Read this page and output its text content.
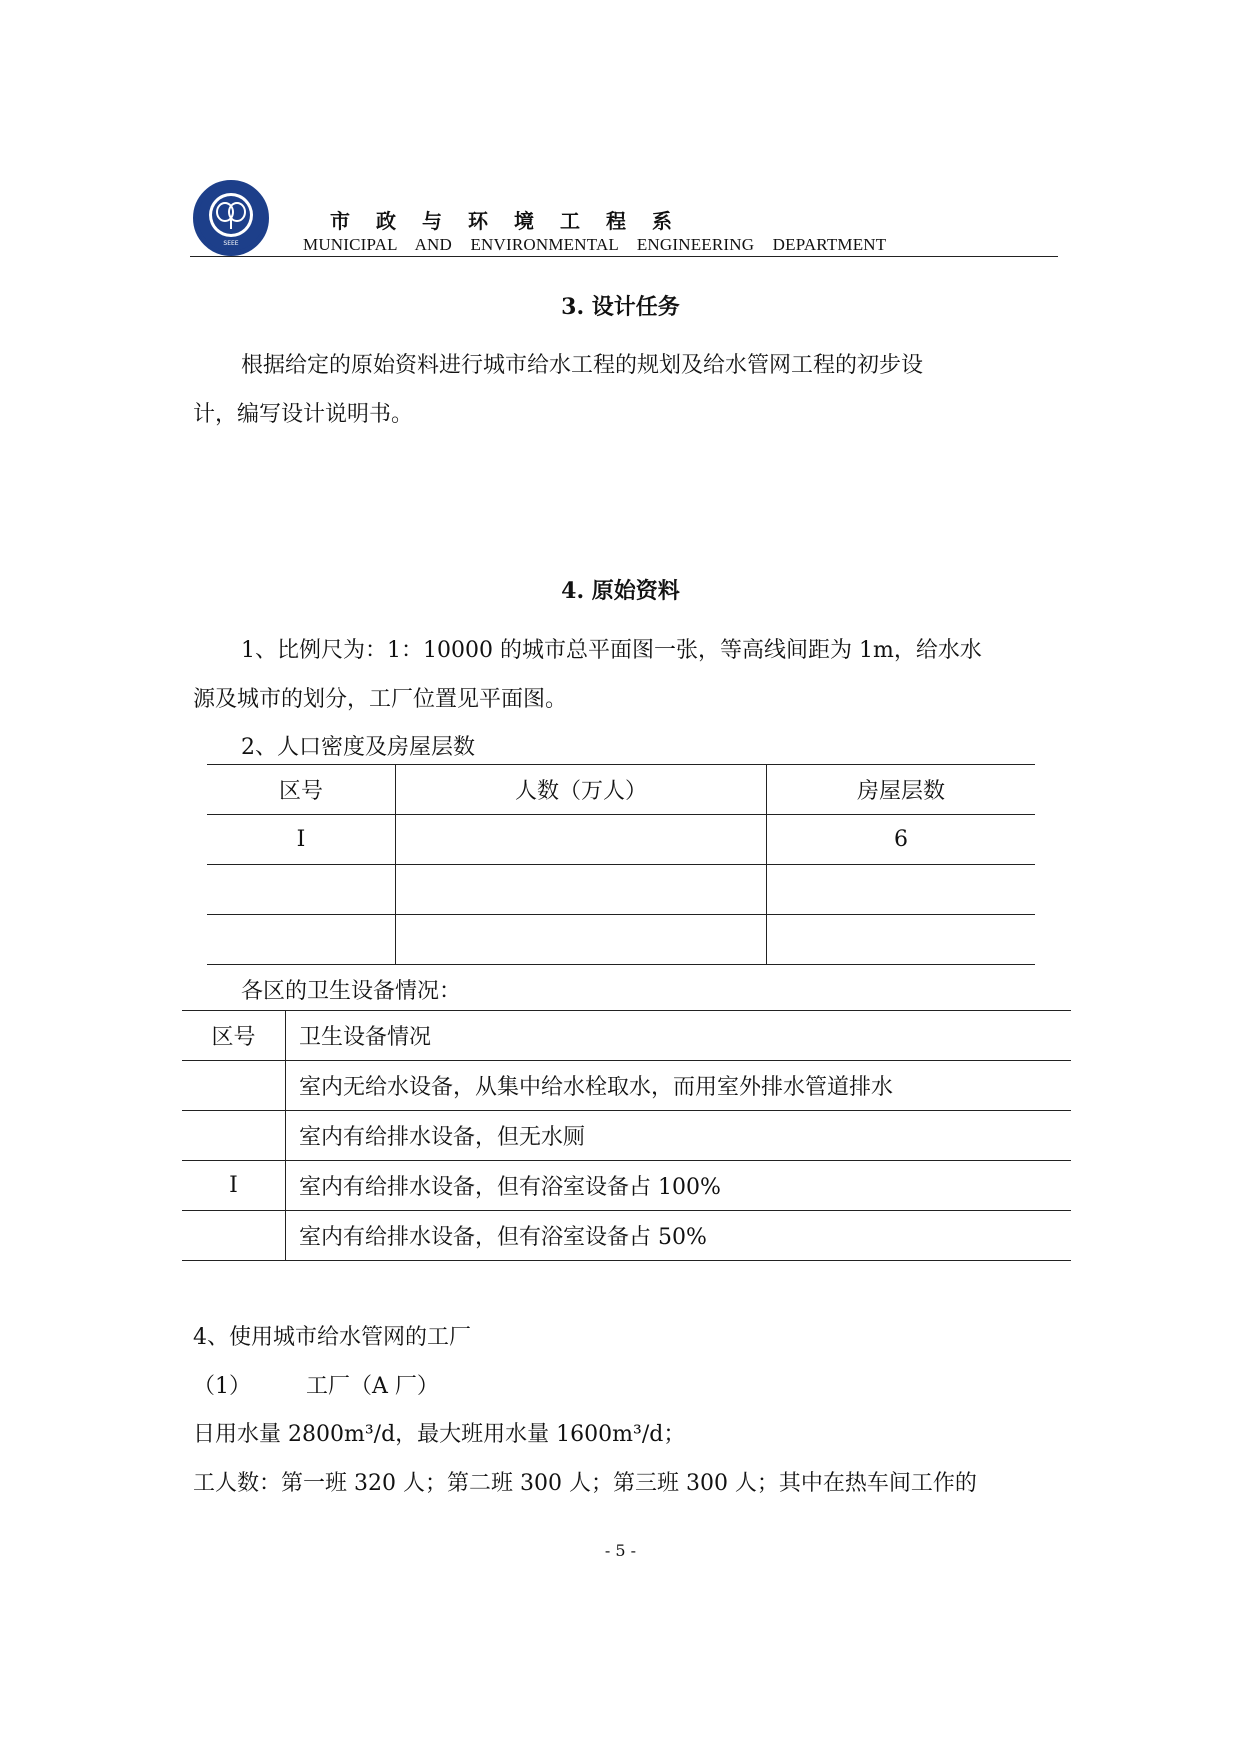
SEEE
市政与环境工程系
MUNICIPAL AND ENVIRONMENTAL ENGINEERING DEPARTMENT
3. 设计任务
根据给定的原始资料进行城市给水工程的规划及给水管网工程的初步设
计，编写设计说明书。
4. 原始资料
1、比例尺为：1：10000 的城市总平面图一张，等高线间距为 1m，给水水
源及城市的划分，工厂位置见平面图。
2、人口密度及房屋层数
区号	人数（万人）	房屋层数
Ⅰ		6

各区的卫生设备情况：
区号	卫生设备情况
	室内无给水设备，从集中给水栓取水，而用室外排水管道排水
	室内有给排水设备，但无水厕
Ⅰ	室内有给排水设备，但有浴室设备占 100%
	室内有给排水设备，但有浴室设备占 50%
4、使用城市给水管网的工厂
（1）	工厂（A 厂）
日用水量 2800m³/d，最大班用水量 1600m³/d；
工人数：第一班 320 人；第二班 300 人；第三班 300 人；其中在热车间工作的
- 5 -
